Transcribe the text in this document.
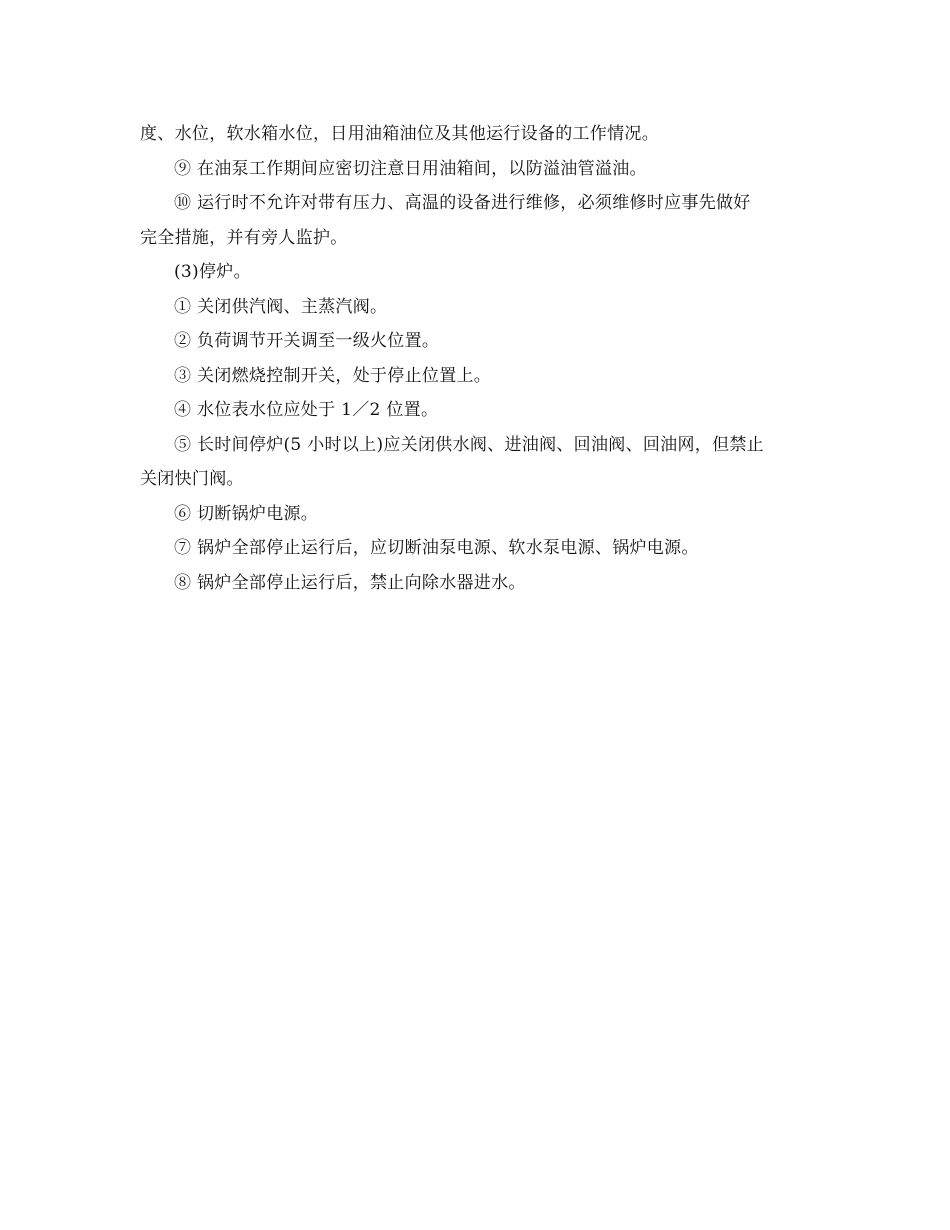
度、水位，软水箱水位，日用油箱油位及其他运行设备的工作情况。

⑨ 在油泵工作期间应密切注意日用油箱间，以防溢油管溢油。

⑩ 运行时不允许对带有压力、高温的设备进行维修，必须维修时应事先做好

完全措施，并有旁人监护。

(3)停炉。

① 关闭供汽阀、主蒸汽阀。

② 负荷调节开关调至一级火位置。

③ 关闭燃烧控制开关，处于停止位置上。

④ 水位表水位应处于 1／2 位置。

⑤ 长时间停炉(5 小时以上)应关闭供水阀、进油阀、回油阀、回油网，但禁止

关闭快门阀。

⑥ 切断锅炉电源。

⑦ 锅炉全部停止运行后，应切断油泵电源、软水泵电源、锅炉电源。

⑧ 锅炉全部停止运行后，禁止向除水器进水。
